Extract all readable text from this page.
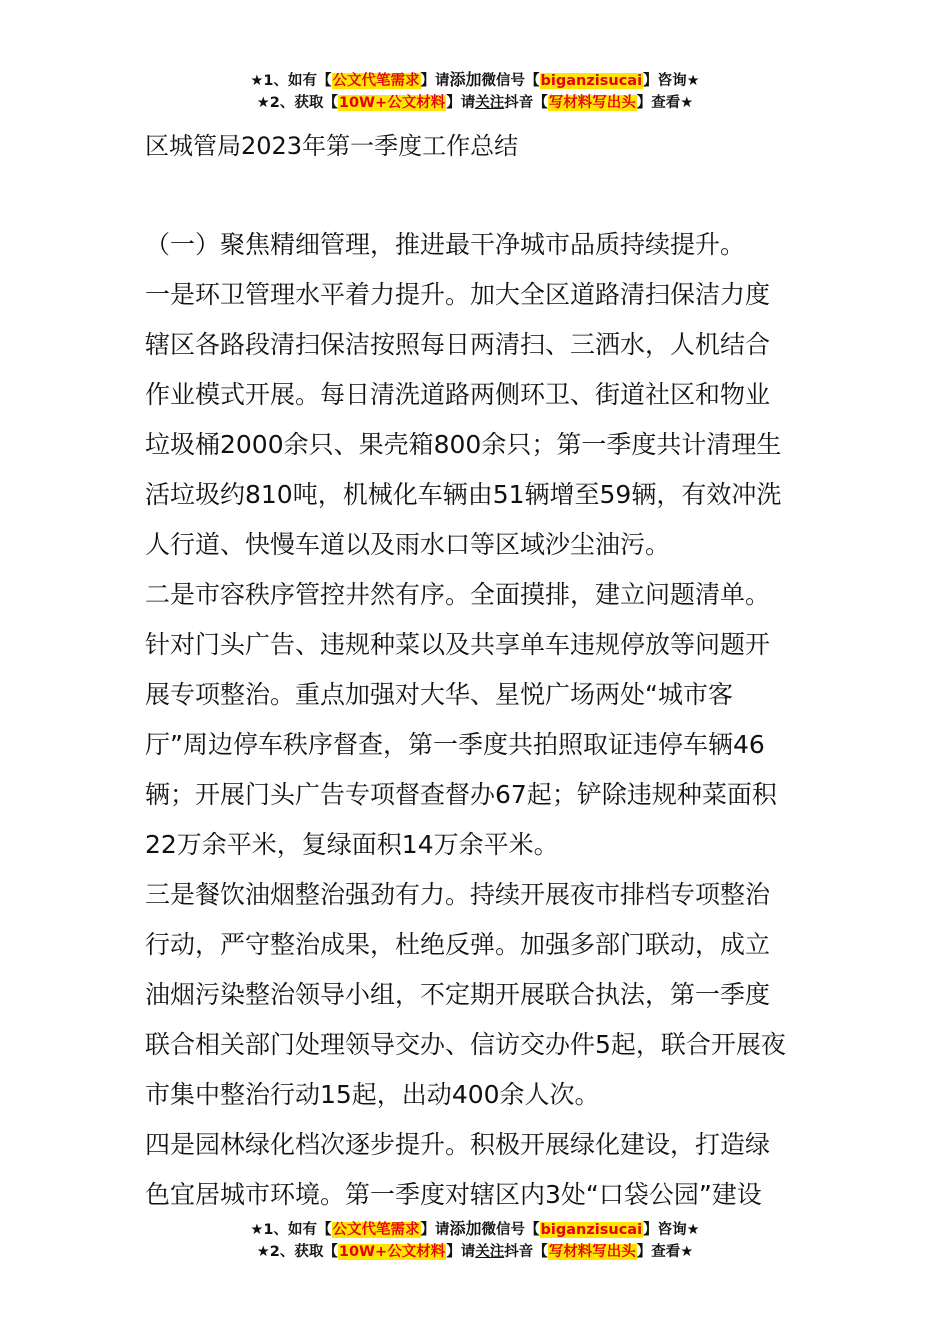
★1、如有【公文代笔需求】请添加微信号【biganzisucai】咨询★
★2、获取【10W+公文材料】请关注抖音【写材料写出头】查看★
区城管局2023年第一季度工作总结
（一）聚焦精细管理，推进最干净城市品质持续提升。
一是环卫管理水平着力提升。加大全区道路清扫保洁力度
辖区各路段清扫保洁按照每日两清扫、三洒水，人机结合
作业模式开展。每日清洗道路两侧环卫、街道社区和物业
垃圾桶2000余只、果壳箱800余只；第一季度共计清理生
活垃圾约810吨，机械化车辆由51辆增至59辆，有效冲洗
人行道、快慢车道以及雨水口等区域沙尘油污。
二是市容秩序管控井然有序。全面摸排，建立问题清单。
针对门头广告、违规种菜以及共享单车违规停放等问题开
展专项整治。重点加强对大华、星悦广场两处“城市客
厅”周边停车秩序督查，第一季度共拍照取证违停车辆46
辆；开展门头广告专项督查督办67起；铲除违规种菜面积
22万余平米，复绿面积14万余平米。
三是餐饮油烟整治强劲有力。持续开展夜市排档专项整治
行动，严守整治成果，杜绝反弹。加强多部门联动，成立
油烟污染整治领导小组，不定期开展联合执法，第一季度
联合相关部门处理领导交办、信访交办件5起，联合开展夜
市集中整治行动15起，出动400余人次。
四是园林绿化档次逐步提升。积极开展绿化建设，打造绿
色宜居城市环境。第一季度对辖区内3处“口袋公园”建设
★1、如有【公文代笔需求】请添加微信号【biganzisucai】咨询★
★2、获取【10W+公文材料】请关注抖音【写材料写出头】查看★
